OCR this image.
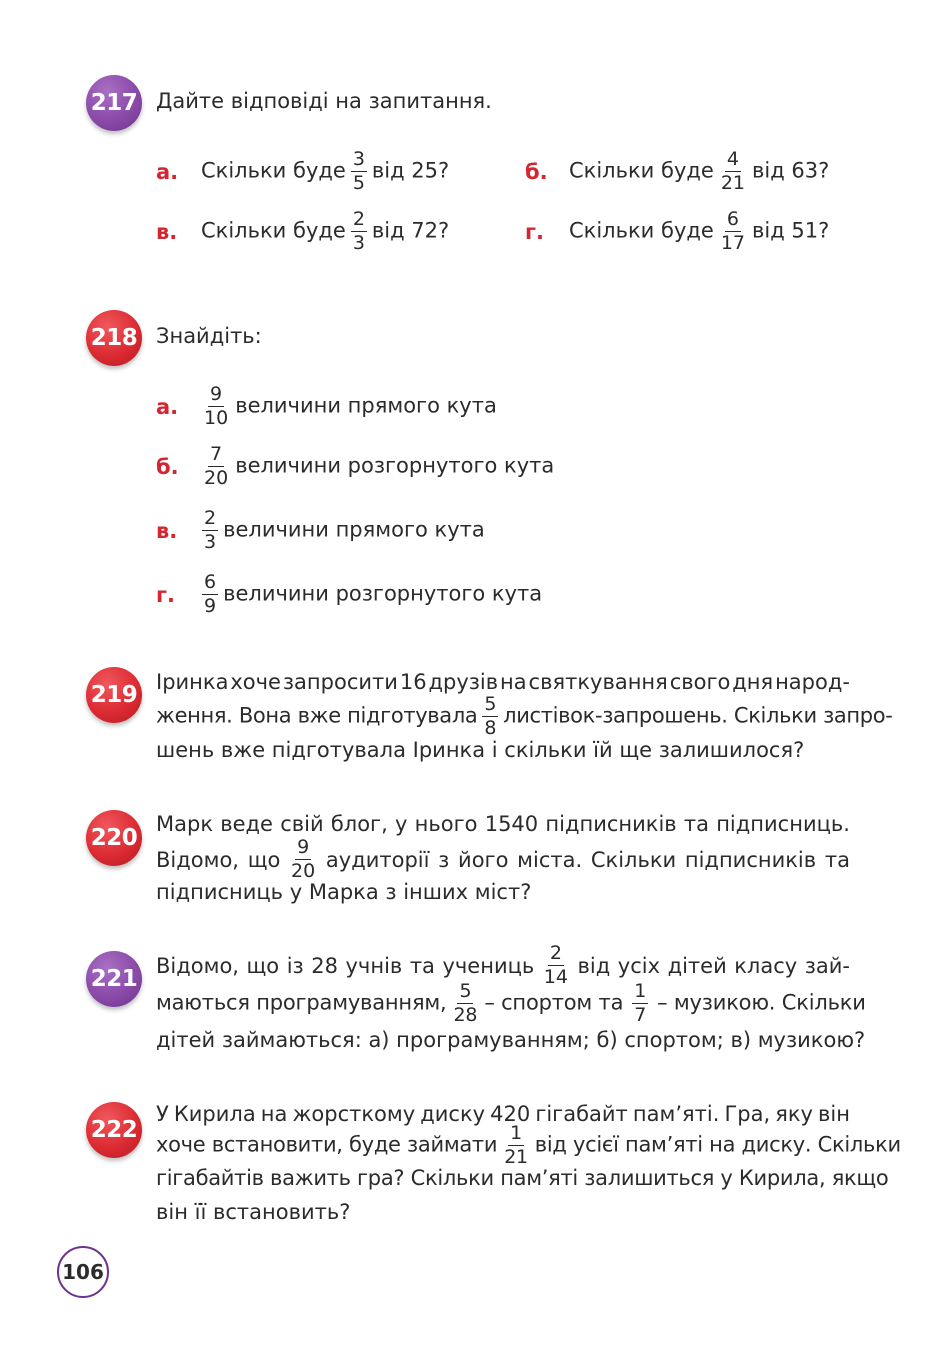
217 Дайте відповіді на запитання.
а. Скільки буде $\frac{3}{5}$ від 25?	б. Скільки буде $\frac{4}{21}$ від 63?
в. Скільки буде $\frac{2}{3}$ від 72?	г. Скільки буде $\frac{6}{17}$ від 51?
218 Знайдіть:
а. $\frac{9}{10}$ величини прямого кута
б. $\frac{7}{20}$ величини розгорнутого кута
в. $\frac{2}{3}$ величини прямого кута
г. $\frac{6}{9}$ величини розгорнутого кута
219 Іринка хоче запросити 16 друзів на святкування свого дня народ-
ження. Вона вже підготувала $\frac{5}{8}$ листівок-запрошень. Скільки запро-
шень вже підготувала Іринка і скільки їй ще залишилося?
220
Марк веде свій блог, у нього 1540 підписників та підписниць.
Відомо, що $\frac{9}{20}$ аудиторії з його міста. Скільки підписників та
підписниць у Марка з інших міст?
221
Відомо, що із 28 учнів та учениць $\frac{2}{14}$ від усіх дітей класу зай-
маються програмуванням, $\frac{5}{28}$ – спортом та $\frac{1}{7}$ – музикою. Скільки
дітей займаються: а) програмуванням; б) спортом; в) музикою?
222
У Кирила на жорсткому диску 420 гігабайт пам’яті. Гра, яку він
хоче встановити, буде займати $\frac{1}{21}$ від усієї пам’яті на диску. Скільки
гігабайтів важить гра? Скільки пам’яті залишиться у Кирила, якщо
він її встановить?
106
